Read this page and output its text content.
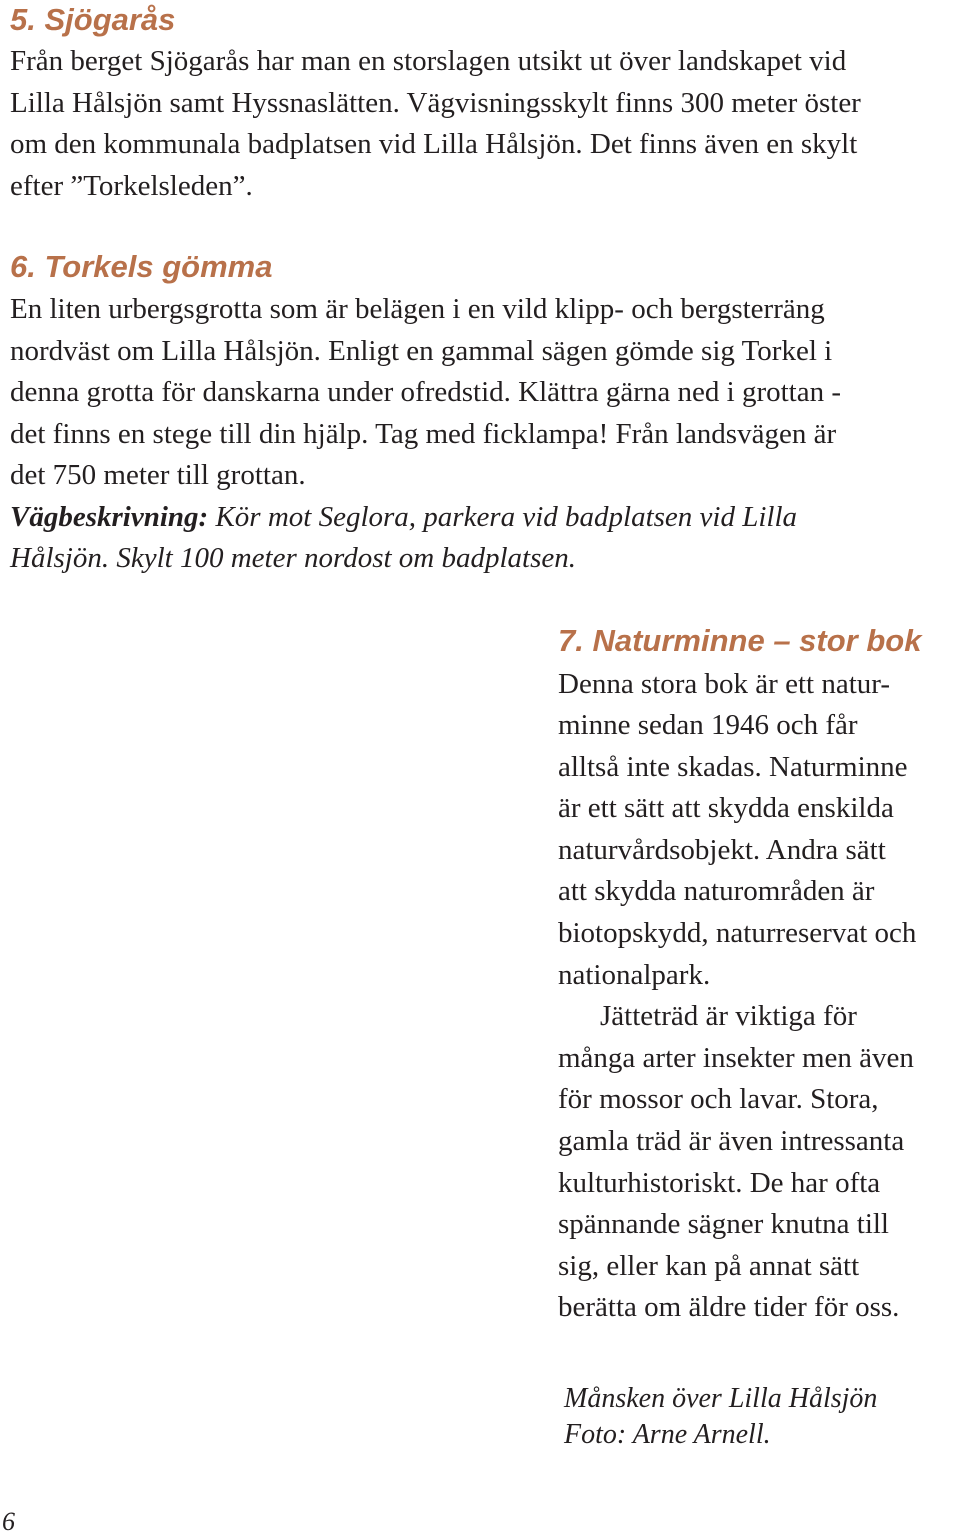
5. Sjögarås

Från berget Sjögarås har man en storslagen utsikt ut över landskapet vid

Lilla Hålsjön samt Hyssnaslätten. Vägvisningsskylt finns 300 meter öster

om den kommunala badplatsen vid Lilla Hålsjön. Det finns även en skylt

efter ”Torkelsleden”.

6. Torkels gömma

En liten urbergsgrotta som är belägen i en vild klipp- och bergsterräng

nordväst om Lilla Hålsjön. Enligt en gammal sägen gömde sig Torkel i

denna grotta för danskarna under ofredstid. Klättra gärna ned i grottan -

det finns en stege till din hjälp. Tag med ficklampa! Från landsvägen är

det 750 meter till grottan.

Vägbeskrivning: Kör mot Seglora, parkera vid badplatsen vid Lilla

Hålsjön. Skylt 100 meter nordost om badplatsen.

7. Naturminne – stor bok

Denna stora bok är ett natur-

minne sedan 1946 och får

alltså inte skadas. Naturminne

är ett sätt att skydda enskilda

naturvårdsobjekt. Andra sätt

att skydda naturområden är

biotopskydd, naturreservat och

nationalpark.

Jätteträd är viktiga för

många arter insekter men även

för mossor och lavar. Stora,

gamla träd är även intressanta

kulturhistoriskt. De har ofta

spännande sägner knutna till

sig, eller kan på annat sätt

berätta om äldre tider för oss.

Månsken över Lilla Hålsjön
Foto: Arne Arnell.
6
